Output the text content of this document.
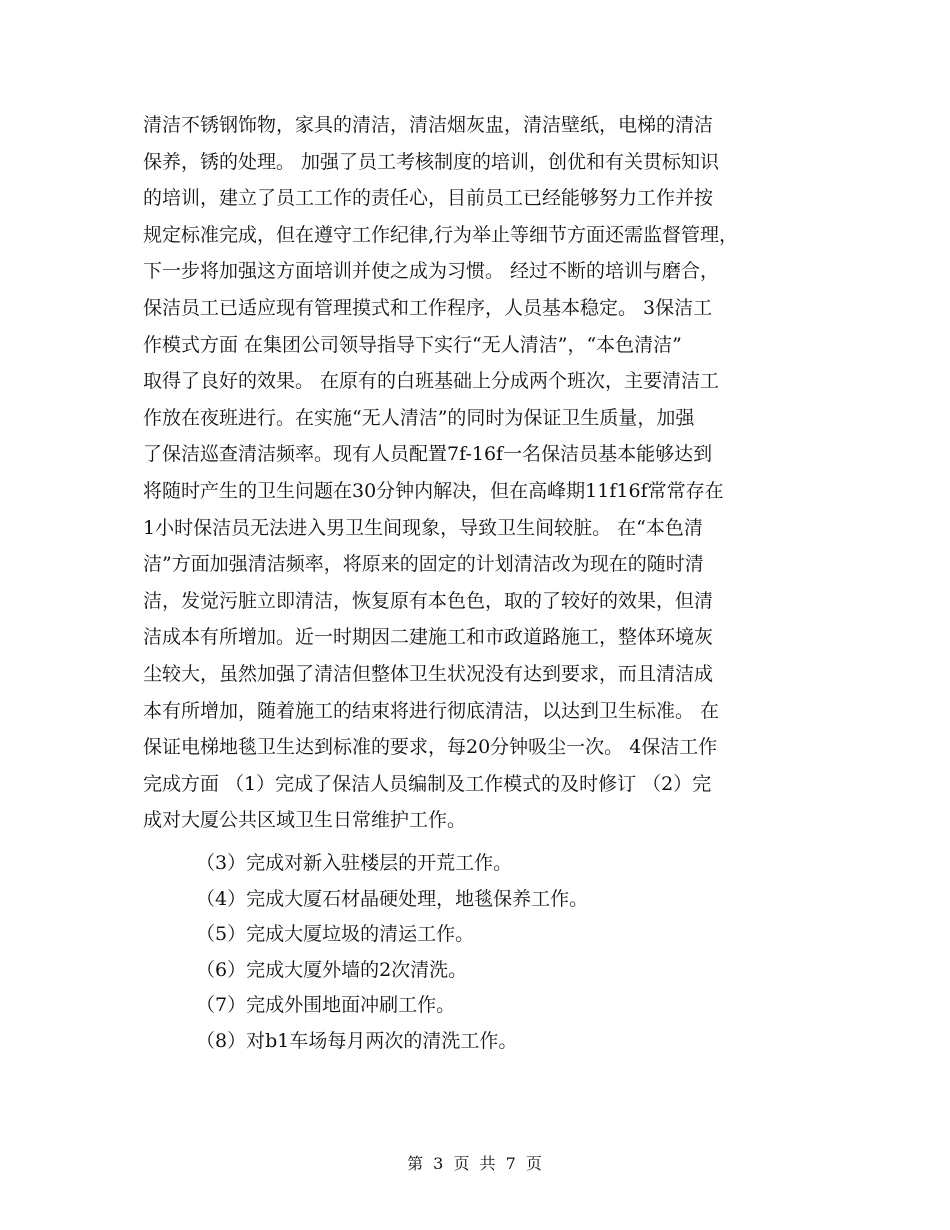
清洁不锈钢饰物，家具的清洁，清洁烟灰盅，清洁壁纸，电梯的清洁
保养，锈的处理。 加强了员工考核制度的培训，创优和有关贯标知识
的培训，建立了员工工作的责任心，目前员工已经能够努力工作并按
规定标准完成，但在遵守工作纪律,行为举止等细节方面还需监督管理，
下一步将加强这方面培训并使之成为习惯。 经过不断的培训与磨合，
保洁员工已适应现有管理摸式和工作程序，人员基本稳定。 3保洁工
作模式方面 在集团公司领导指导下实行“无人清洁”，“本色清洁”
取得了良好的效果。 在原有的白班基础上分成两个班次，主要清洁工
作放在夜班进行。在实施“无人清洁”的同时为保证卫生质量，加强
了保洁巡查清洁频率。现有人员配置7f-16f一名保洁员基本能够达到
将随时产生的卫生问题在30分钟内解决，但在高峰期11f16f常常存在
1小时保洁员无法进入男卫生间现象，导致卫生间较脏。 在“本色清
洁”方面加强清洁频率，将原来的固定的计划清洁改为现在的随时清
洁，发觉污脏立即清洁，恢复原有本色色，取的了较好的效果，但清
洁成本有所增加。近一时期因二建施工和市政道路施工，整体环境灰
尘较大，虽然加强了清洁但整体卫生状况没有达到要求，而且清洁成
本有所增加，随着施工的结束将进行彻底清洁，以达到卫生标准。 在
保证电梯地毯卫生达到标准的要求，每20分钟吸尘一次。 4保洁工作
完成方面 （1）完成了保洁人员编制及工作模式的及时修订 （2）完
成对大厦公共区域卫生日常维护工作。
（3）完成对新入驻楼层的开荒工作。
（4）完成大厦石材晶硬处理，地毯保养工作。
（5）完成大厦垃圾的清运工作。
（6）完成大厦外墙的2次清洗。
（7）完成外围地面冲刷工作。
（8）对b1车场每月两次的清洗工作。
第 3 页 共 7 页
